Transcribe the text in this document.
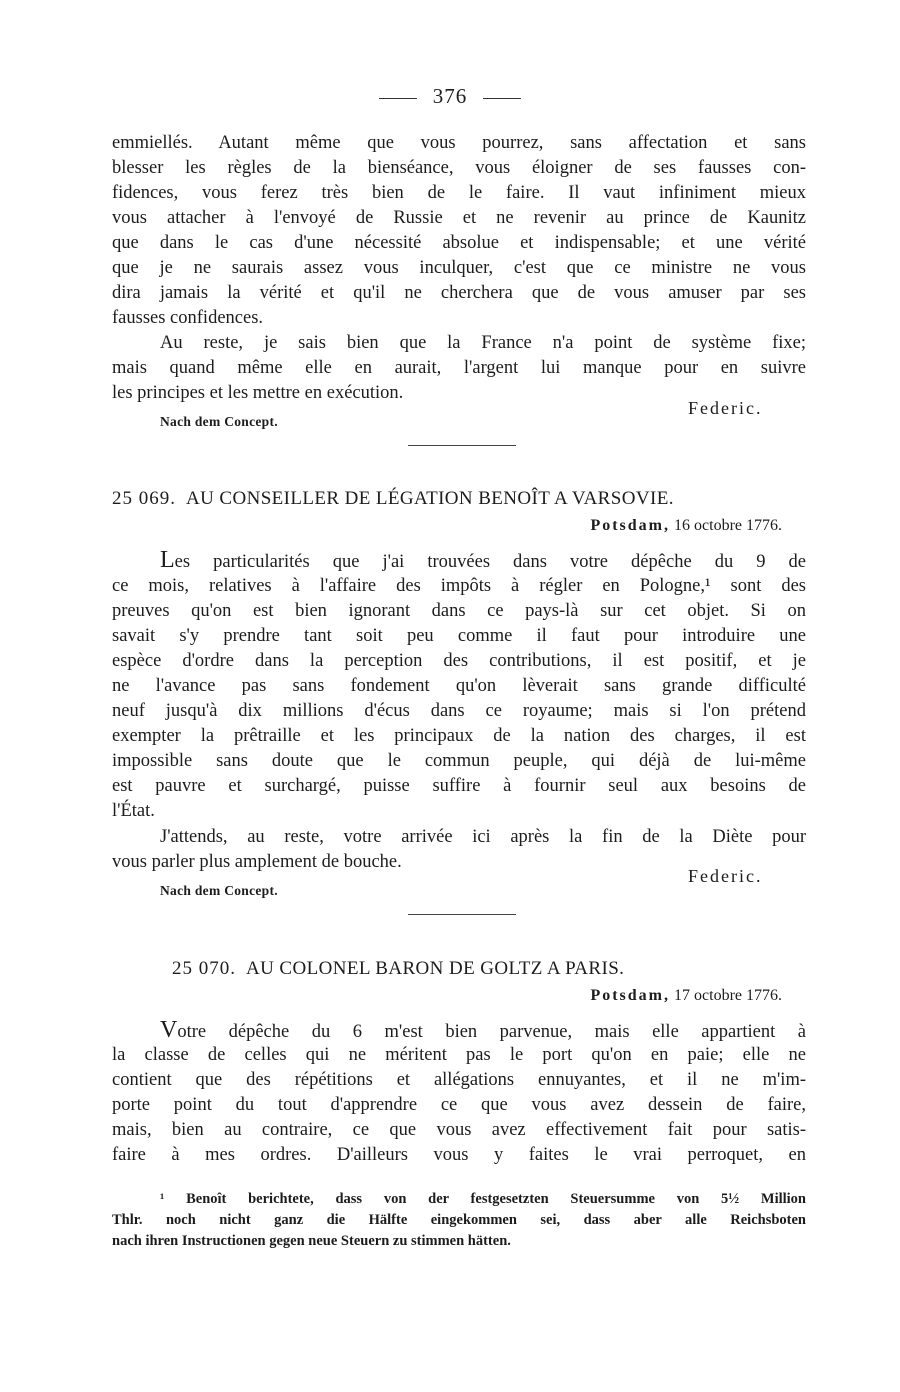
376
emmiellés. Autant même que vous pourrez, sans affectation et sans
blesser les règles de la bienséance, vous éloigner de ses fausses con-
fidences, vous ferez très bien de le faire. Il vaut infiniment mieux
vous attacher à l'envoyé de Russie et ne revenir au prince de Kaunitz
que dans le cas d'une nécessité absolue et indispensable; et une vérité
que je ne saurais assez vous inculquer, c'est que ce ministre ne vous
dira jamais la vérité et qu'il ne cherchera que de vous amuser par ses
fausses confidences.
Au reste, je sais bien que la France n'a point de système fixe;
mais quand même elle en aurait, l'argent lui manque pour en suivre
les principes et les mettre en exécution.
Federic.
Nach dem Concept.
25 069. AU CONSEILLER DE LÉGATION BENOÎT A VARSOVIE.
Potsdam, 16 octobre 1776.
Les particularités que j'ai trouvées dans votre dépêche du 9 de
ce mois, relatives à l'affaire des impôts à régler en Pologne,¹ sont des
preuves qu'on est bien ignorant dans ce pays-là sur cet objet. Si on
savait s'y prendre tant soit peu comme il faut pour introduire une
espèce d'ordre dans la perception des contributions, il est positif, et je
ne l'avance pas sans fondement qu'on lèverait sans grande difficulté
neuf jusqu'à dix millions d'écus dans ce royaume; mais si l'on prétend
exempter la prêtraille et les principaux de la nation des charges, il est
impossible sans doute que le commun peuple, qui déjà de lui-même
est pauvre et surchargé, puisse suffire à fournir seul aux besoins de
l'État.
J'attends, au reste, votre arrivée ici après la fin de la Diète pour
vous parler plus amplement de bouche.
Federic.
Nach dem Concept.
25 070. AU COLONEL BARON DE GOLTZ A PARIS.
Potsdam, 17 octobre 1776.
Votre dépêche du 6 m'est bien parvenue, mais elle appartient à
la classe de celles qui ne méritent pas le port qu'on en paie; elle ne
contient que des répétitions et allégations ennuyantes, et il ne m'im-
porte point du tout d'apprendre ce que vous avez dessein de faire,
mais, bien au contraire, ce que vous avez effectivement fait pour satis-
faire à mes ordres. D'ailleurs vous y faites le vrai perroquet, en
¹ Benoît berichtete, dass von der festgesetzten Steuersumme von 5½ Million
Thlr. noch nicht ganz die Hälfte eingekommen sei, dass aber alle Reichsboten
nach ihren Instructionen gegen neue Steuern zu stimmen hätten.
